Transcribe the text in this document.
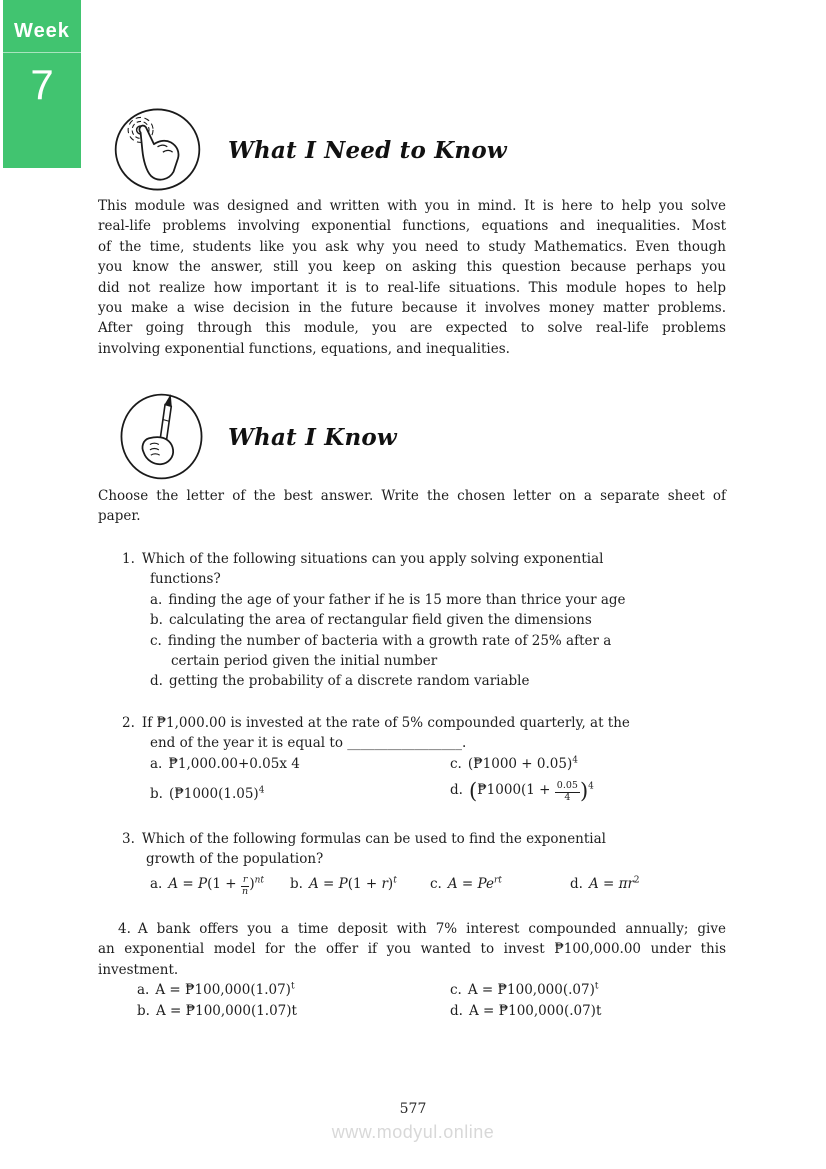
Week
7
What I Need to Know
This module was designed and written with you in mind. It is here to help you solve
real-life problems involving exponential functions, equations and inequalities. Most
of the time, students like you ask why you need to study Mathematics. Even though
you know the answer, still you keep on asking this question because perhaps you
did not realize how important it is to real-life situations. This module hopes to help
you make a wise decision in the future because it involves money matter problems.
After going through this module, you are expected to solve real-life problems
involving exponential functions, equations, and inequalities.
What I Know
Choose the letter of the best answer. Write the chosen letter on a separate sheet of
paper.
1. Which of the following situations can you apply solving exponential
functions?
a. finding the age of your father if he is 15 more than thrice your age
b. calculating the area of rectangular field given the dimensions
c. finding the number of bacteria with a growth rate of 25% after a
certain period given the initial number
d. getting the probability of a discrete random variable
2. If ₱1,000.00 is invested at the rate of 5% compounded quarterly, at the
end of the year it is equal to _________________.
a. ₱1,000.00+0.05x 4	c. (₱1000 + 0.05)$^4$
b. ($₱1000(1.05)^4$	d. (₱1000(1 + $\frac{0.05}{4} )^4$
3. Which of the following formulas can be used to find the exponential
growth of the population?
a. $A = P(1 + \frac{r}{n} )^{nt}$ b. $A = P(1 + r)^t$ c. $A = Pe^{rt}$	d. $A = \pi r^2$
4. A bank offers you a time deposit with 7% interest compounded annually; give
an exponential model for the offer if you wanted to invest ₱100,000.00 under this
investment.
a. $A = ₱100,000(1.07)^t$	c. $A = ₱100,000(.07)^t$
b. A = ₱100,000(1.07)t	d. A = ₱100,000(.07)t
577
www.modyul.online
